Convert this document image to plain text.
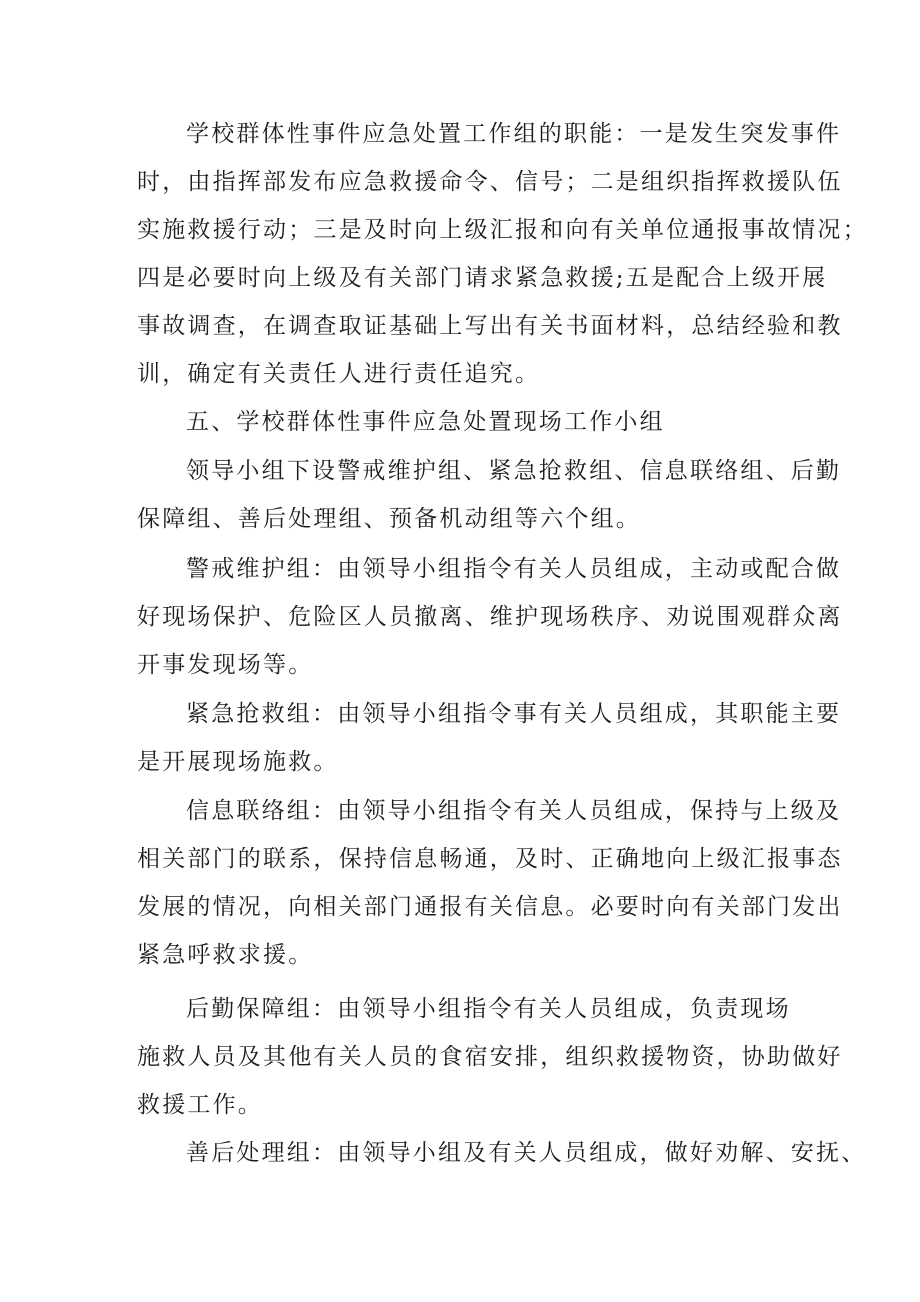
学校群体性事件应急处置工作组的职能：一是发生突发事件
时，由指挥部发布应急救援命令、信号；二是组织指挥救援队伍
实施救援行动；三是及时向上级汇报和向有关单位通报事故情况；
四是必要时向上级及有关部门请求紧急救援;五是配合上级开展
事故调查，在调查取证基础上写出有关书面材料，总结经验和教
训，确定有关责任人进行责任追究。
五、学校群体性事件应急处置现场工作小组
领导小组下设警戒维护组、紧急抢救组、信息联络组、后勤
保障组、善后处理组、预备机动组等六个组。
警戒维护组：由领导小组指令有关人员组成，主动或配合做
好现场保护、危险区人员撤离、维护现场秩序、劝说围观群众离
开事发现场等。
紧急抢救组：由领导小组指令事有关人员组成，其职能主要
是开展现场施救。
信息联络组：由领导小组指令有关人员组成，保持与上级及
相关部门的联系，保持信息畅通，及时、正确地向上级汇报事态
发展的情况，向相关部门通报有关信息。必要时向有关部门发出
紧急呼救求援。
后勤保障组：由领导小组指令有关人员组成，负责现场
施救人员及其他有关人员的食宿安排，组织救援物资，协助做好
救援工作。
善后处理组：由领导小组及有关人员组成，做好劝解、安抚、
